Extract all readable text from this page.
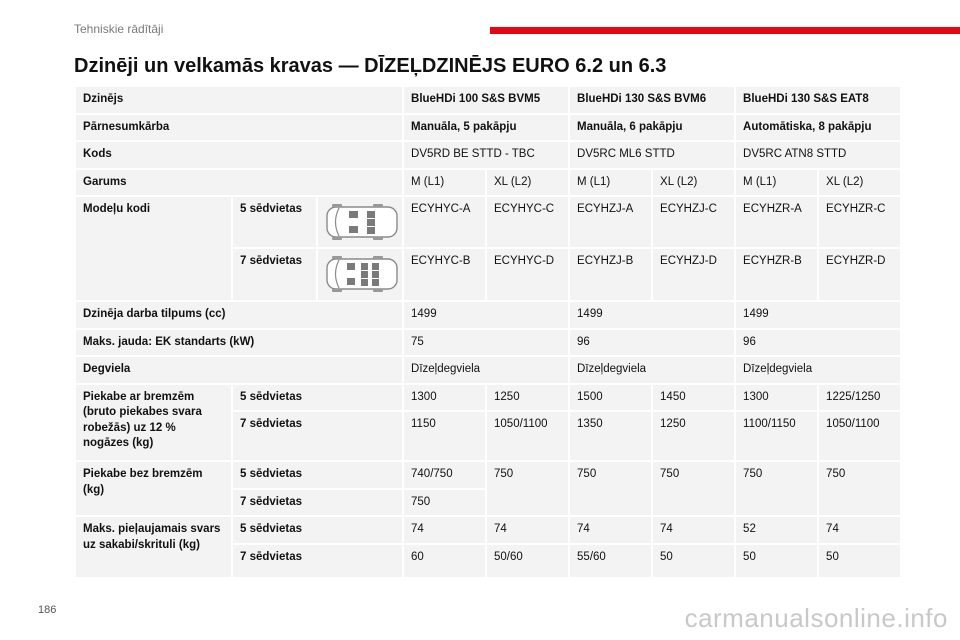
Tehniskie rādītāji
Dzinēji un velkamās kravas — DĪZEĻDZINĒJS EURO 6.2 un 6.3
Dzinējs			BlueHDi 100 S&S BVM5		BlueHDi 130 S&S BVM6		BlueHDi 130 S&S EAT8	
Pārnesumkārba			Manuāla, 5 pakāpju		Manuāla, 6 pakāpju		Automātiska, 8 pakāpju	
Kods			DV5RD BE STTD - TBC		DV5RC ML6 STTD		DV5RC ATN8 STTD	
Garums			M (L1)	XL (L2)	M (L1)	XL (L2)	M (L1)	XL (L2)
Modeļu kodi	5 sēdvietas		ECYHYC-A	ECYHYC-C	ECYHZJ-A	ECYHZJ-C	ECYHZR-A	ECYHZR-C
	7 sēdvietas		ECYHYC-B	ECYHYC-D	ECYHZJ-B	ECYHZJ-D	ECYHZR-B	ECYHZR-D
Dzinēja darba tilpums (cc)			1499		1499		1499	
Maks. jauda: EK standarts (kW)			75		96		96	
Degviela			Dīzeļdegviela		Dīzeļdegviela		Dīzeļdegviela	
Piekabe ar bremzēm (bruto piekabes svara robežās) uz 12 % nogāzes (kg)	5 sēdvietas		1300	1250	1500	1450	1300	1225/1250
	7 sēdvietas		1150	1050/1100	1350	1250	1100/1150	1050/1100
Piekabe bez bremzēm (kg)	5 sēdvietas		740/750	750	750	750	750	750
	7 sēdvietas		750					
Maks. pieļaujamais svars uz sakabi/skrituli (kg)	5 sēdvietas		74	74	74	74	52	74
	7 sēdvietas		60	50/60	55/60	50	50	50
186	carmanualsonline.info
